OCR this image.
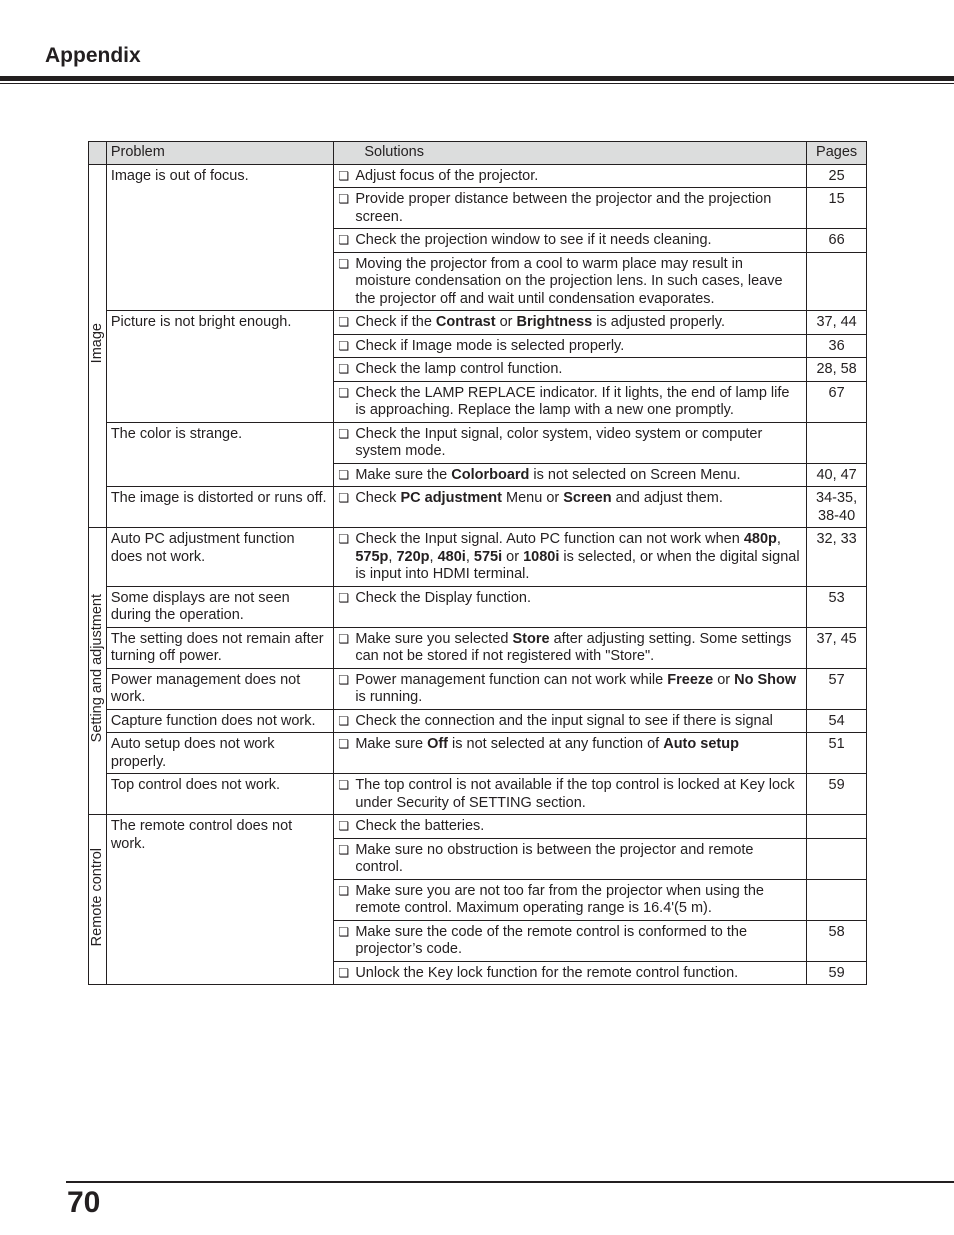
Appendix
	Problem	Solutions	Pages
Image	Image is out of focus.	❏ Adjust focus of the projector.	25

		❏ Provide proper distance between the projector and the projection screen.	15

		❏ Check the projection window to see if it needs cleaning.	66

		❏ Moving the projector from a cool to warm place may result in moisture condensation on the projection lens. In such cases, leave the projector off and wait until condensation evaporates.	

	Picture is not bright enough.	❏ Check if the Contrast or Brightness is adjusted properly.	37, 44

		❏ Check if Image mode is selected properly.	36

		❏ Check the lamp control function.	28, 58

		❏ Check the LAMP REPLACE indicator. If it lights, the end of lamp life is approaching. Replace the lamp with a new one promptly.	67
	The color is strange.	❏ Check the Input signal, color system, video system or computer system mode.	

		❏ Make sure the Colorboard is not selected on Screen Menu.	40, 47
	The image is distorted or runs off.	❏ Check PC adjustment Menu or Screen and adjust them.	34-35,
38-40
Setting and adjustment	Auto PC adjustment function does not work.	❏ Check the Input signal. Auto PC function can not work when 480p, 575p, 720p, 480i, 575i or 1080i is selected, or when the digital signal is input into HDMI terminal.	32, 33
	Some displays are not seen during the operation.	❏ Check the Display function.	53
	The setting does not remain after turning off power.	❏ Make sure you selected Store after adjusting setting. Some settings can not be stored if not registered with "Store".	37, 45
	Power management does not work.	❏ Power management function can not work while Freeze or No Show is running.	57
	Capture function does not work.	❏ Check the connection and the input signal to see if there is signal	54
	Auto setup does not work properly.	❏ Make sure Off is not selected at any function of Auto setup	51
	Top control does not work.	❏ The top control is not available if the top control is locked at Key lock under Security of SETTING section.	59
Remote control	The remote control does not work.	❏ Check the batteries.	

		❏ Make sure no obstruction is between the projector and remote control.	

		❏ Make sure you are not too far from the projector when using the remote control. Maximum operating range is 16.4'(5 m).	

		❏ Make sure the code of the remote control is conformed to the projector’s code.	58

		❏ Unlock the Key lock function for the remote control function.	59
70
